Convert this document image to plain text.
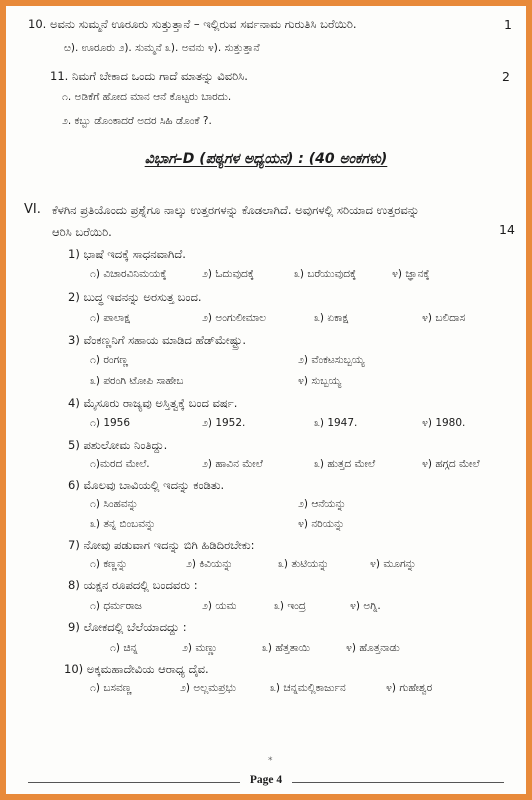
10. ಅವನು ಸುಮ್ಮನೆ ಊರೂರು ಸುತ್ತುತ್ತಾನೆ – ಇಲ್ಲಿರುವ ಸರ್ವನಾಮ ಗುರುತಿಸಿ ಬರೆಯಿರಿ.	1
ೞ). ಊರೂರು ೨). ಸುಮ್ಮನೆ ೩). ಅವನು ೪). ಸುತ್ತುತ್ತಾನೆ
11. ನಿಮಗೆ ಬೇಕಾದ ಒಂದು ಗಾದೆ ಮಾತನ್ನು ವಿವರಿಸಿ.	2
೧. ಅಡಿಕೆಗೆ ಹೋದ ಮಾನ ಆನೆ ಕೊಟ್ಟರು ಬಾರದು.
೨. ಕಬ್ಬು ಡೊಂಕಾದರೆ ಅದರ ಸಿಹಿ ಡೊಂಕೆ ?.
ವಿಭಾಗ–D (ಪಠ್ಯಗಳ ಅಧ್ಯಯನ) : (40 ಅಂಕಗಳು)
VI. ಕೆಳಗಿನ ಪ್ರತಿಯೊಂದು ಪ್ರಶ್ನೆಗೂ ನಾಲ್ಕು ಉತ್ತರಗಳನ್ನು ಕೊಡಲಾಗಿದೆ. ಅವುಗಳಲ್ಲಿ ಸರಿಯಾದ ಉತ್ತರವನ್ನು
ಆರಿಸಿ ಬರೆಯಿರಿ.	14
1) ಭಾಷೆ ಇದಕ್ಕೆ ಸಾಧನವಾಗಿದೆ.
೧) ವಿಚಾರವಿನಿಮಯಕ್ಕೆ	೨) ಓದುವುದಕ್ಕೆ	೩) ಬರೆಯುವುದಕ್ಕೆ	೪) ಜ್ಞಾನಕ್ಕೆ
2) ಬುದ್ಧ ಇವನನ್ನು ಅರಸುತ್ತ ಬಂದ.
೧) ಪಾಲಾಕ್ಷ	೨) ಅಂಗುಲೀಮಾಲ	೩) ಏಕಾಕ್ಷ	೪) ಬಲಿದಾಸ
3) ವೆಂಕಣ್ಣನಿಗೆ ಸಹಾಯ ಮಾಡಿದ ಹೆಡ್‌ಮೇಷ್ಟ್ರು.
೧) ರಂಗಣ್ಣ	೨) ವೆಂಕಟಸುಬ್ಬಯ್ಯ
೩) ಪರಂಗಿ ಟೋಪಿ ಸಾಹೇಬ	೪) ಸುಬ್ಬಯ್ಯ
4) ಮೈಸೂರು ರಾಜ್ಯವು ಅಸ್ತಿತ್ವಕ್ಕೆ ಬಂದ ವರ್ಷ.
೧) 1956	೨) 1952.	೩) 1947.	೪) 1980.
5) ಪಶುಲೋಮ ನಿಂತಿದ್ದು.
೧)ಮರದ ಮೇಲೆ.	೨) ಹಾವಿನ ಮೇಲೆ	೩) ಹುತ್ತದ ಮೇಲೆ	೪) ಹಗ್ಗದ ಮೇಲೆ
6) ಮೊಲವು ಬಾವಿಯಲ್ಲಿ ಇದನ್ನು ಕಂಡಿತು.
೧) ಸಿಂಹವನ್ನು	೨) ಆನೆಯನ್ನು
೩) ತನ್ನ ಬಿಂಬವನ್ನು	೪) ನರಿಯನ್ನು
7) ನೋವು ಪಡುವಾಗ ಇದನ್ನು ಬಿಗಿ ಹಿಡಿದಿರಬೇಕು:
೧) ಕಣ್ಣನ್ನು	೨) ಕಿವಿಯನ್ನು	೩) ತುಟಿಯನ್ನು	೪) ಮೂಗನ್ನು
8) ಯಕ್ಷನ ರೂಪದಲ್ಲಿ ಬಂದವರು :
೧) ಧರ್ಮರಾಜ	೨) ಯಮ	೩) ಇಂದ್ರ	೪) ಅಗ್ನಿ.
9) ಲೋಕದಲ್ಲಿ ಬೆಲೆಯಾದದ್ದು :
೧) ಚಿನ್ನ	೨) ಮಣ್ಣು	೩) ಹೆತ್ತತಾಯಿ	೪) ಹೊತ್ತನಾಡು
10) ಅಕ್ಕಮಹಾದೇವಿಯ ಆರಾಧ್ಯ ದೈವ.
೧) ಬಸವಣ್ಣ	೨) ಅಲ್ಲಮಪ್ರಭು	೩) ಚನ್ನಮಲ್ಲಿಕಾರ್ಜುನ	೪) ಗುಹೇಶ್ವರ
*
Page 4
